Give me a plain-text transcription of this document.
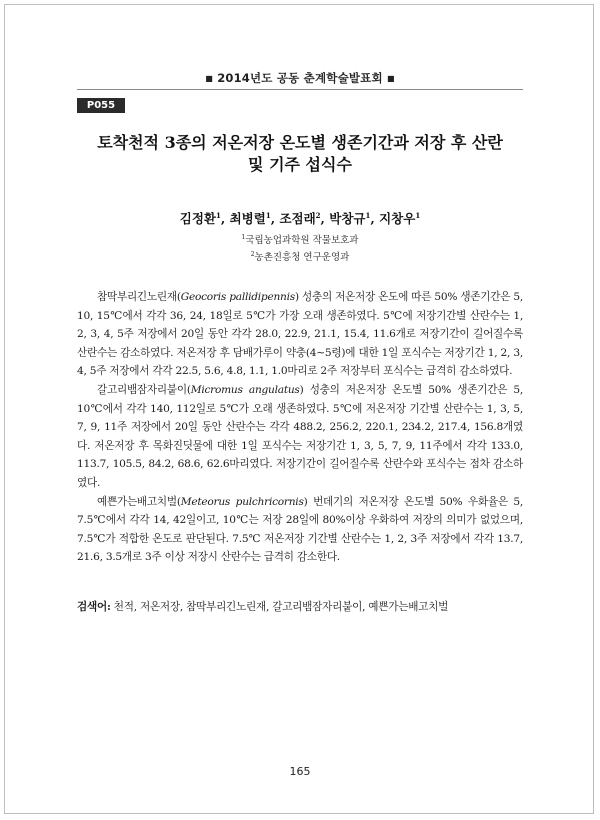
■ 2014년도 공동 춘계학술발표회 ■
P055
토착천적 3종의 저온저장 온도별 생존기간과 저장 후 산란
및 기주 섭식수
김정환$^1$, 최병렬$^1$, 조점래$^2$, 박창규$^1$, 지창우$^1$
$^1$국립농업과학원 작물보호과
$^2$농촌진흥청 연구운영과

참딱부리긴노린재(Geocoris pallidipennis) 성충의 저온저장 온도에 따른 50% 생존기간은 5, 10, 15℃에서 각각 36, 24, 18일로 5℃가 가장 오래 생존하였다. 5℃에 저장기간별 산란수는 1, 2, 3, 4, 5주 저장에서 20일 동안 각각 28.0, 22.9, 21.1, 15.4, 11.6개로 저장기간이 길어질수록 산란수는 감소하였다. 저온저장 후 담배가루이 약충(4∼5령)에 대한 1일 포식수는 저장기간 1, 2, 3, 4, 5주 저장에서 각각 22.5, 5.6, 4.8, 1.1, 1.0마리로 2주 저장부터 포식수는 급격히 감소하였다.

갈고리뱀잠자리붙이(Micromus angulatus) 성충의 저온저장 온도별 50% 생존기간은 5, 10℃에서 각각 140, 112일로 5℃가 오래 생존하였다. 5℃에 저온저장 기간별 산란수는 1, 3, 5, 7, 9, 11주 저장에서 20일 동안 산란수는 각각 488.2, 256.2, 220.1, 234.2, 217.4, 156.8개였다. 저온저장 후 목화진딧물에 대한 1일 포식수는 저장기간 1, 3, 5, 7, 9, 11주에서 각각 133.0, 113.7, 105.5, 84.2, 68.6, 62.6마리였다. 저장기간이 길어질수록 산란수와 포식수는 점차 감소하였다.

예쁜가는배고치벌(Meteorus pulchricornis) 번데기의 저온저장 온도별 50% 우화율은 5, 7.5℃에서 각각 14, 42일이고, 10℃는 저장 28일에 80%이상 우화하여 저장의 의미가 없었으며, 7.5℃가 적합한 온도로 판단된다. 7.5℃ 저온저장 기간별 산란수는 1, 2, 3주 저장에서 각각 13.7, 21.6, 3.5개로 3주 이상 저장시 산란수는 급격히 감소한다.

검색어: 천적, 저온저장, 참딱부리긴노린재, 갈고리뱀잠자리붙이, 예쁜가는배고치벌
165
